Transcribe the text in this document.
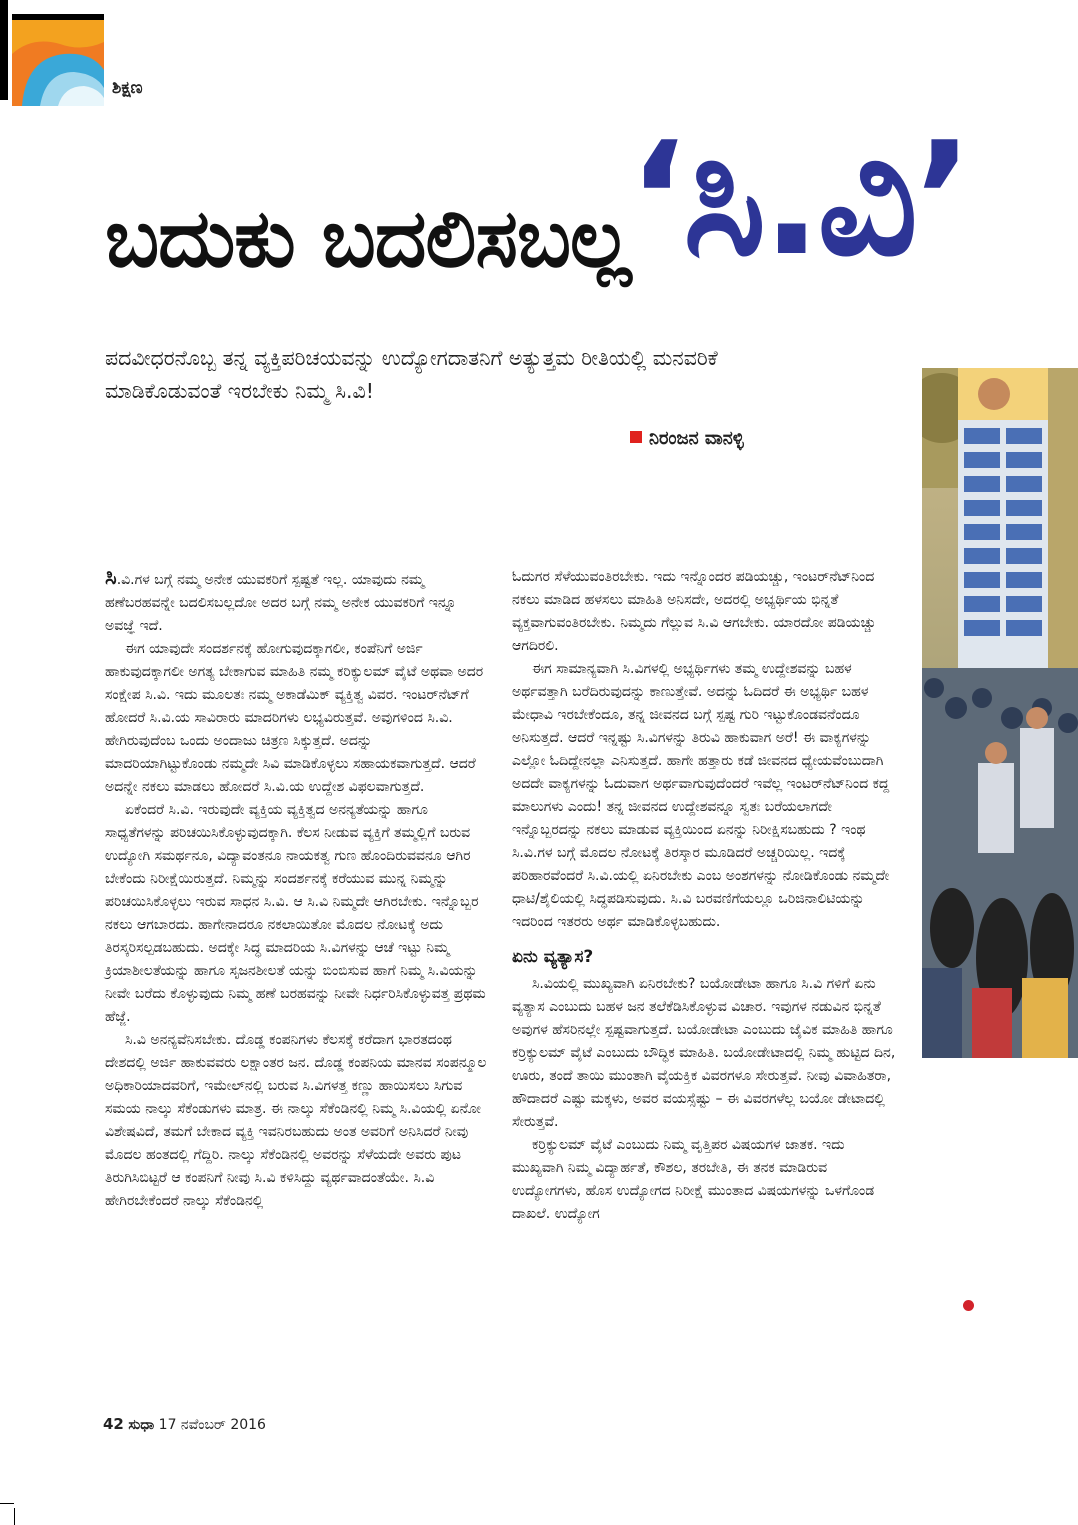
ಶಿಕ್ಷಣ
ಬದುಕು ಬದಲಿಸಬಲ್ಲ
‘ಸಿ.ವಿ’
ಪದವೀಧರನೊಬ್ಬ ತನ್ನ ವ್ಯಕ್ತಿಪರಿಚಯವನ್ನು ಉದ್ಯೋಗದಾತನಿಗೆ ಅತ್ಯುತ್ತಮ ರೀತಿಯಲ್ಲಿ ಮನವರಿಕೆ ಮಾಡಿಕೊಡುವಂತೆ ಇರಬೇಕು ನಿಮ್ಮ ಸಿ.ವಿ!
ನಿರಂಜನ ವಾನಳ್ಳಿ

ಸಿ.ವಿ.ಗಳ ಬಗ್ಗೆ ನಮ್ಮ ಅನೇಕ ಯುವಕರಿಗೆ ಸ್ಪಷ್ಟತೆ ಇಲ್ಲ. ಯಾವುದು ನಮ್ಮ ಹಣೆಬರಹವನ್ನೇ ಬದಲಿಸಬಲ್ಲದೋ ಅದರ ಬಗ್ಗೆ ನಮ್ಮ ಅನೇಕ ಯುವಕರಿಗೆ ಇನ್ನೂ ಅವಜ್ಞೆ ಇದೆ.

ಈಗ ಯಾವುದೇ ಸಂದರ್ಶನಕ್ಕೆ ಹೋಗುವುದಕ್ಕಾಗಲೀ, ಕಂಪೆನಿಗೆ ಅರ್ಜಿ ಹಾಕುವುದಕ್ಕಾಗಲೀ ಅಗತ್ಯ ಬೇಕಾಗುವ ಮಾಹಿತಿ ನಮ್ಮ ಕರಿಕ್ಯುಲಮ್ ವೈಟೆ ಅಥವಾ ಅದರ ಸಂಕ್ಷೇಪ ಸಿ.ವಿ. ಇದು ಮೂಲತಃ ನಮ್ಮ ಅಕಾಡೆಮಿಕ್ ವ್ಯಕ್ತಿತ್ವ ವಿವರ. ಇಂಟರ್‌ನೆಟ್‌ಗೆ ಹೋದರೆ ಸಿ.ವಿ.ಯ ಸಾವಿರಾರು ಮಾದರಿಗಳು ಲಭ್ಯವಿರುತ್ತವೆ. ಅವುಗಳಿಂದ ಸಿ.ವಿ. ಹೇಗಿರುವುದೆಂಬ ಒಂದು ಅಂದಾಜು ಚಿತ್ರಣ ಸಿಕ್ಕುತ್ತದೆ. ಅದನ್ನು ಮಾದರಿಯಾಗಿಟ್ಟುಕೊಂಡು ನಮ್ಮದೇ ಸಿವಿ ಮಾಡಿಕೊಳ್ಳಲು ಸಹಾಯಕವಾಗುತ್ತದೆ. ಆದರೆ ಅದನ್ನೇ ನಕಲು ಮಾಡಲು ಹೋದರೆ ಸಿ.ವಿ.ಯ ಉದ್ದೇಶ ವಿಫಲವಾಗುತ್ತದೆ.

ಏಕೆಂದರೆ ಸಿ.ವಿ. ಇರುವುದೇ ವ್ಯಕ್ತಿಯ ವ್ಯಕ್ತಿತ್ವದ ಅನನ್ಯತೆಯನ್ನು ಹಾಗೂ ಸಾಧ್ಯತೆಗಳನ್ನು ಪರಿಚಯಿಸಿಕೊಳ್ಳುವುದಕ್ಕಾಗಿ. ಕೆಲಸ ನೀಡುವ ವ್ಯಕ್ತಿಗೆ ತಮ್ಮಲ್ಲಿಗೆ ಬರುವ ಉದ್ಯೋಗಿ ಸಮರ್ಥನೂ, ವಿದ್ಯಾವಂತನೂ ನಾಯಕತ್ವ ಗುಣ ಹೊಂದಿರುವವನೂ ಆಗಿರ ಬೇಕೆಂದು ನಿರೀಕ್ಷೆಯಿರುತ್ತದೆ. ನಿಮ್ಮನ್ನು ಸಂದರ್ಶನಕ್ಕೆ ಕರೆಯುವ ಮುನ್ನ ನಿಮ್ಮನ್ನು ಪರಿಚಯಿಸಿಕೊಳ್ಳಲು ಇರುವ ಸಾಧನ ಸಿ.ವಿ. ಆ ಸಿ.ವಿ ನಿಮ್ಮದೇ ಆಗಿರಬೇಕು. ಇನ್ನೊಬ್ಬರ ನಕಲು ಆಗಬಾರದು. ಹಾಗೇನಾದರೂ ನಕಲಾಯಿತೋ ಮೊದಲ ನೋಟಕ್ಕೆ ಅದು ತಿರಸ್ಕರಿಸಲ್ಪಡಬಹುದು. ಅದಕ್ಕೇ ಸಿದ್ಧ ಮಾದರಿಯ ಸಿ.ವಿಗಳನ್ನು ಆಚೆ ಇಟ್ಟು ನಿಮ್ಮ ಕ್ರಿಯಾಶೀಲತೆಯನ್ನು ಹಾಗೂ ಸೃಜನಶೀಲತೆ ಯನ್ನು ಬಿಂಬಿಸುವ ಹಾಗೆ ನಿಮ್ಮ ಸಿ.ವಿಯನ್ನು ನೀವೇ ಬರೆದು ಕೊಳ್ಳುವುದು ನಿಮ್ಮ ಹಣೆ ಬರಹವನ್ನು ನೀವೇ ನಿರ್ಧರಿಸಿಕೊಳ್ಳುವತ್ತ ಪ್ರಥಮ ಹೆಜ್ಜೆ.

ಸಿ.ವಿ ಅನನ್ಯವೆನಿಸಬೇಕು. ದೊಡ್ಡ ಕಂಪನಿಗಳು ಕೆಲಸಕ್ಕೆ ಕರೆದಾಗ ಭಾರತದಂಥ ದೇಶದಲ್ಲಿ ಅರ್ಜಿ ಹಾಕುವವರು ಲಕ್ಷಾಂತರ ಜನ. ದೊಡ್ಡ ಕಂಪನಿಯ ಮಾನವ ಸಂಪನ್ಮೂಲ ಅಧಿಕಾರಿಯಾದವರಿಗೆ, ಇಮೇಲ್‌ನಲ್ಲಿ ಬರುವ ಸಿ.ವಿಗಳತ್ತ ಕಣ್ಣು ಹಾಯಿಸಲು ಸಿಗುವ ಸಮಯ ನಾಲ್ಕು ಸೆಕೆಂಡುಗಳು ಮಾತ್ರ. ಈ ನಾಲ್ಕು ಸೆಕೆಂಡಿನಲ್ಲಿ ನಿಮ್ಮ ಸಿ.ವಿಯಲ್ಲಿ ಏನೋ ವಿಶೇಷವಿದೆ, ತಮಗೆ ಬೇಕಾದ ವ್ಯಕ್ತಿ ಇವನಿರಬಹುದು ಅಂತ ಅವರಿಗೆ ಅನಿಸಿದರೆ ನೀವು ಮೊದಲ ಹಂತದಲ್ಲಿ ಗೆದ್ದಿರಿ. ನಾಲ್ಕು ಸೆಕೆಂಡಿನಲ್ಲಿ ಅವರನ್ನು ಸೆಳೆಯದೇ ಅವರು ಪುಟ ತಿರುಗಿಸಿಬಿಟ್ಟರೆ ಆ ಕಂಪನಿಗೆ ನೀವು ಸಿ.ವಿ ಕಳಿಸಿದ್ದು ವ್ಯರ್ಥವಾದಂತೆಯೇ. ಸಿ.ವಿ ಹೇಗಿರಬೇಕೆಂದರೆ ನಾಲ್ಕು ಸೆಕೆಂಡಿನಲ್ಲಿ

ಓದುಗರ ಸೆಳೆಯುವಂತಿರಬೇಕು. ಇದು ಇನ್ನೊಂದರ ಪಡಿಯಚ್ಚು, ಇಂಟರ್‌ನೆಟ್‌ನಿಂದ ನಕಲು ಮಾಡಿದ ಹಳಸಲು ಮಾಹಿತಿ ಅನಿಸದೇ, ಅದರಲ್ಲಿ ಅಭ್ಯರ್ಥಿಯ ಭಿನ್ನತೆ ವ್ಯಕ್ತವಾಗುವಂತಿರಬೇಕು. ನಿಮ್ಮದು ಗೆಲ್ಲುವ ಸಿ.ವಿ ಆಗಬೇಕು. ಯಾರದೋ ಪಡಿಯಚ್ಚು ಆಗದಿರಲಿ.

ಈಗ ಸಾಮಾನ್ಯವಾಗಿ ಸಿ.ವಿಗಳಲ್ಲಿ ಅಭ್ಯರ್ಥಿಗಳು ತಮ್ಮ ಉದ್ದೇಶವನ್ನು ಬಹಳ ಅರ್ಥವತ್ತಾಗಿ ಬರೆದಿರುವುದನ್ನು ಕಾಣುತ್ತೇವೆ. ಅದನ್ನು ಓದಿದರೆ ಈ ಅಭ್ಯರ್ಥಿ ಬಹಳ ಮೇಧಾವಿ ಇರಬೇಕೆಂದೂ, ತನ್ನ ಜೀವನದ ಬಗ್ಗೆ ಸ್ಪಷ್ಟ ಗುರಿ ಇಟ್ಟುಕೊಂಡವನೆಂದೂ ಅನಿಸುತ್ತದೆ. ಆದರೆ ಇನ್ನಷ್ಟು ಸಿ.ವಿಗಳನ್ನು ತಿರುವಿ ಹಾಕುವಾಗ ಅರೆ! ಈ ವಾಕ್ಯಗಳನ್ನು ಎಲ್ಲೋ ಓದಿದ್ದೇನಲ್ಲಾ ಎನಿಸುತ್ತದೆ. ಹಾಗೇ ಹತ್ತಾರು ಕಡೆ ಜೀವನದ ಧ್ಯೇಯವೆಂಬುದಾಗಿ ಅದದೇ ವಾಕ್ಯಗಳನ್ನು ಓದುವಾಗ ಅರ್ಥವಾಗುವುದೆಂದರೆ ಇವೆಲ್ಲ ಇಂಟರ್‌ನೆಟ್‌ನಿಂದ ಕದ್ದ ಮಾಲುಗಳು ಎಂದು! ತನ್ನ ಜೀವನದ ಉದ್ದೇಶವನ್ನೂ ಸ್ವತಃ ಬರೆಯಲಾಗದೇ ಇನ್ನೊಬ್ಬರದನ್ನು ನಕಲು ಮಾಡುವ ವ್ಯಕ್ತಿಯಿಂದ ಏನನ್ನು ನಿರೀಕ್ಷಿಸಬಹುದು ? ಇಂಥ ಸಿ.ವಿ.ಗಳ ಬಗ್ಗೆ ಮೊದಲ ನೋಟಕ್ಕೆ ತಿರಸ್ಕಾರ ಮೂಡಿದರೆ ಅಚ್ಚರಿಯಿಲ್ಲ. ಇದಕ್ಕೆ ಪರಿಹಾರವೆಂದರೆ ಸಿ.ವಿ.ಯಲ್ಲಿ ಏನಿರಬೇಕು ಎಂಬ ಅಂಶಗಳನ್ನು ನೋಡಿಕೊಂಡು ನಮ್ಮದೇ ಧಾಟಿ/ಶೈಲಿಯಲ್ಲಿ ಸಿದ್ಧಪಡಿಸುವುದು. ಸಿ.ವಿ ಬರವಣಿಗೆಯಲ್ಲೂ ಒರಿಜಿನಾಲಿಟಿಯನ್ನು ಇದರಿಂದ ಇತರರು ಅರ್ಥ ಮಾಡಿಕೊಳ್ಳಬಹುದು.

ಏನು ವ್ಯತ್ಯಾಸ?

ಸಿ.ವಿಯಲ್ಲಿ ಮುಖ್ಯವಾಗಿ ಏನಿರಬೇಕು? ಬಯೋಡೇಟಾ ಹಾಗೂ ಸಿ.ವಿ ಗಳಿಗೆ ಏನು ವ್ಯತ್ಯಾಸ ಎಂಬುದು ಬಹಳ ಜನ ತಲೆಕೆಡಿಸಿಕೊಳ್ಳುವ ವಿಚಾರ. ಇವುಗಳ ನಡುವಿನ ಭಿನ್ನತೆ ಅವುಗಳ ಹೆಸರಿನಲ್ಲೇ ಸ್ಪಷ್ಟವಾಗುತ್ತದೆ. ಬಯೋಡೇಟಾ ಎಂಬುದು ಜೈವಿಕ ಮಾಹಿತಿ ಹಾಗೂ ಕರ್ರಿಕ್ಯುಲಮ್ ವೈಟೆ ಎಂಬುದು ಬೌದ್ಧಿಕ ಮಾಹಿತಿ. ಬಯೋಡೇಟಾದಲ್ಲಿ ನಿಮ್ಮ ಹುಟ್ಟಿದ ದಿನ, ಊರು, ತಂದೆ ತಾಯಿ ಮುಂತಾಗಿ ವೈಯಕ್ತಿಕ ವಿವರಗಳೂ ಸೇರುತ್ತವೆ. ನೀವು ವಿವಾಹಿತರಾ, ಹೌದಾದರೆ ಎಷ್ಟು ಮಕ್ಕಳು, ಅವರ ವಯಸ್ಸೆಷ್ಟು – ಈ ವಿವರಗಳೆಲ್ಲ ಬಯೋ ಡೇಟಾದಲ್ಲಿ ಸೇರುತ್ತವೆ.

ಕರ್ರಿಕ್ಯುಲಮ್ ವೈಟೆ ಎಂಬುದು ನಿಮ್ಮ ವೃತ್ತಿಪರ ವಿಷಯಗಳ ಜಾತಕ. ಇದು ಮುಖ್ಯವಾಗಿ ನಿಮ್ಮ ವಿದ್ಯಾರ್ಹತೆ, ಕೌಶಲ, ತರಬೇತಿ, ಈ ತನಕ ಮಾಡಿರುವ ಉದ್ಯೋಗಗಳು, ಹೊಸ ಉದ್ಯೋಗದ ನಿರೀಕ್ಷೆ ಮುಂತಾದ ವಿಷಯಗಳನ್ನು ಒಳಗೊಂಡ ದಾಖಲೆ. ಉದ್ಯೋಗ

42 ಸುಧಾ 17 ನವೆಂಬರ್ 2016
